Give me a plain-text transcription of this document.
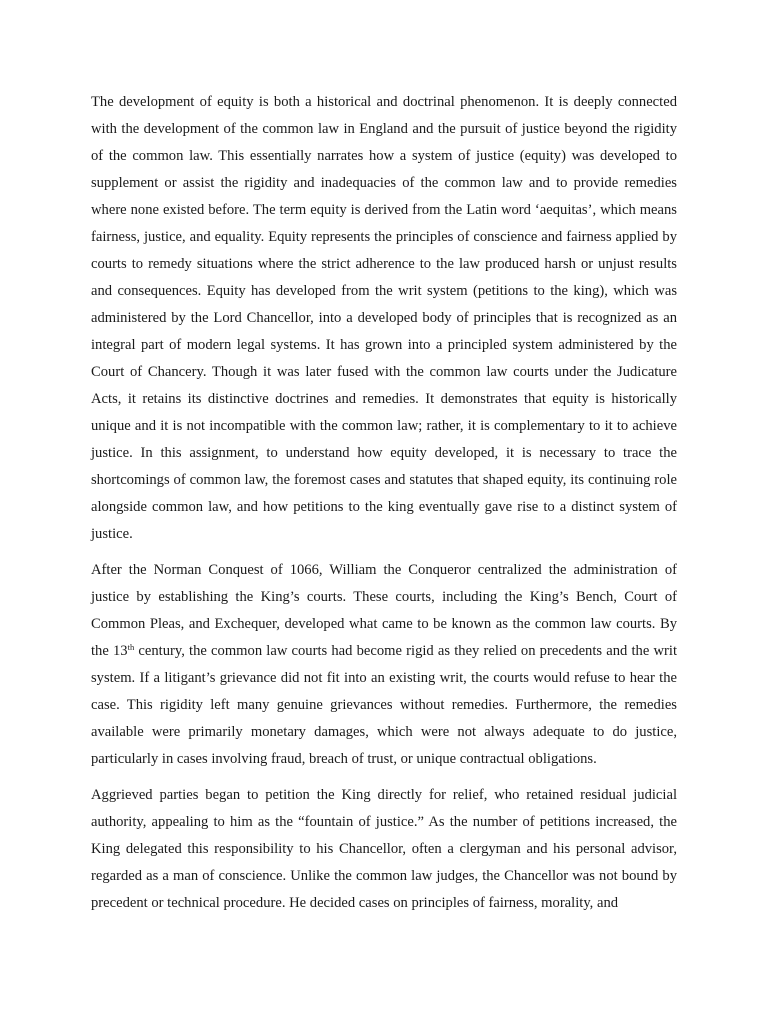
The development of equity is both a historical and doctrinal phenomenon. It is deeply connected with the development of the common law in England and the pursuit of justice beyond the rigidity of the common law. This essentially narrates how a system of justice (equity) was developed to supplement or assist the rigidity and inadequacies of the common law and to provide remedies where none existed before. The term equity is derived from the Latin word ‘aequitas’, which means fairness, justice, and equality. Equity represents the principles of conscience and fairness applied by courts to remedy situations where the strict adherence to the law produced harsh or unjust results and consequences. Equity has developed from the writ system (petitions to the king), which was administered by the Lord Chancellor, into a developed body of principles that is recognized as an integral part of modern legal systems. It has grown into a principled system administered by the Court of Chancery. Though it was later fused with the common law courts under the Judicature Acts, it retains its distinctive doctrines and remedies. It demonstrates that equity is historically unique and it is not incompatible with the common law; rather, it is complementary to it to achieve justice. In this assignment, to understand how equity developed, it is necessary to trace the shortcomings of common law, the foremost cases and statutes that shaped equity, its continuing role alongside common law, and how petitions to the king eventually gave rise to a distinct system of justice.

After the Norman Conquest of 1066, William the Conqueror centralized the administration of justice by establishing the King’s courts. These courts, including the King’s Bench, Court of Common Pleas, and Exchequer, developed what came to be known as the common law courts. By the 13th century, the common law courts had become rigid as they relied on precedents and the writ system. If a litigant’s grievance did not fit into an existing writ, the courts would refuse to hear the case. This rigidity left many genuine grievances without remedies. Furthermore, the remedies available were primarily monetary damages, which were not always adequate to do justice, particularly in cases involving fraud, breach of trust, or unique contractual obligations.

Aggrieved parties began to petition the King directly for relief, who retained residual judicial authority, appealing to him as the “fountain of justice.” As the number of petitions increased, the King delegated this responsibility to his Chancellor, often a clergyman and his personal advisor, regarded as a man of conscience. Unlike the common law judges, the Chancellor was not bound by precedent or technical procedure. He decided cases on principles of fairness, morality, and
